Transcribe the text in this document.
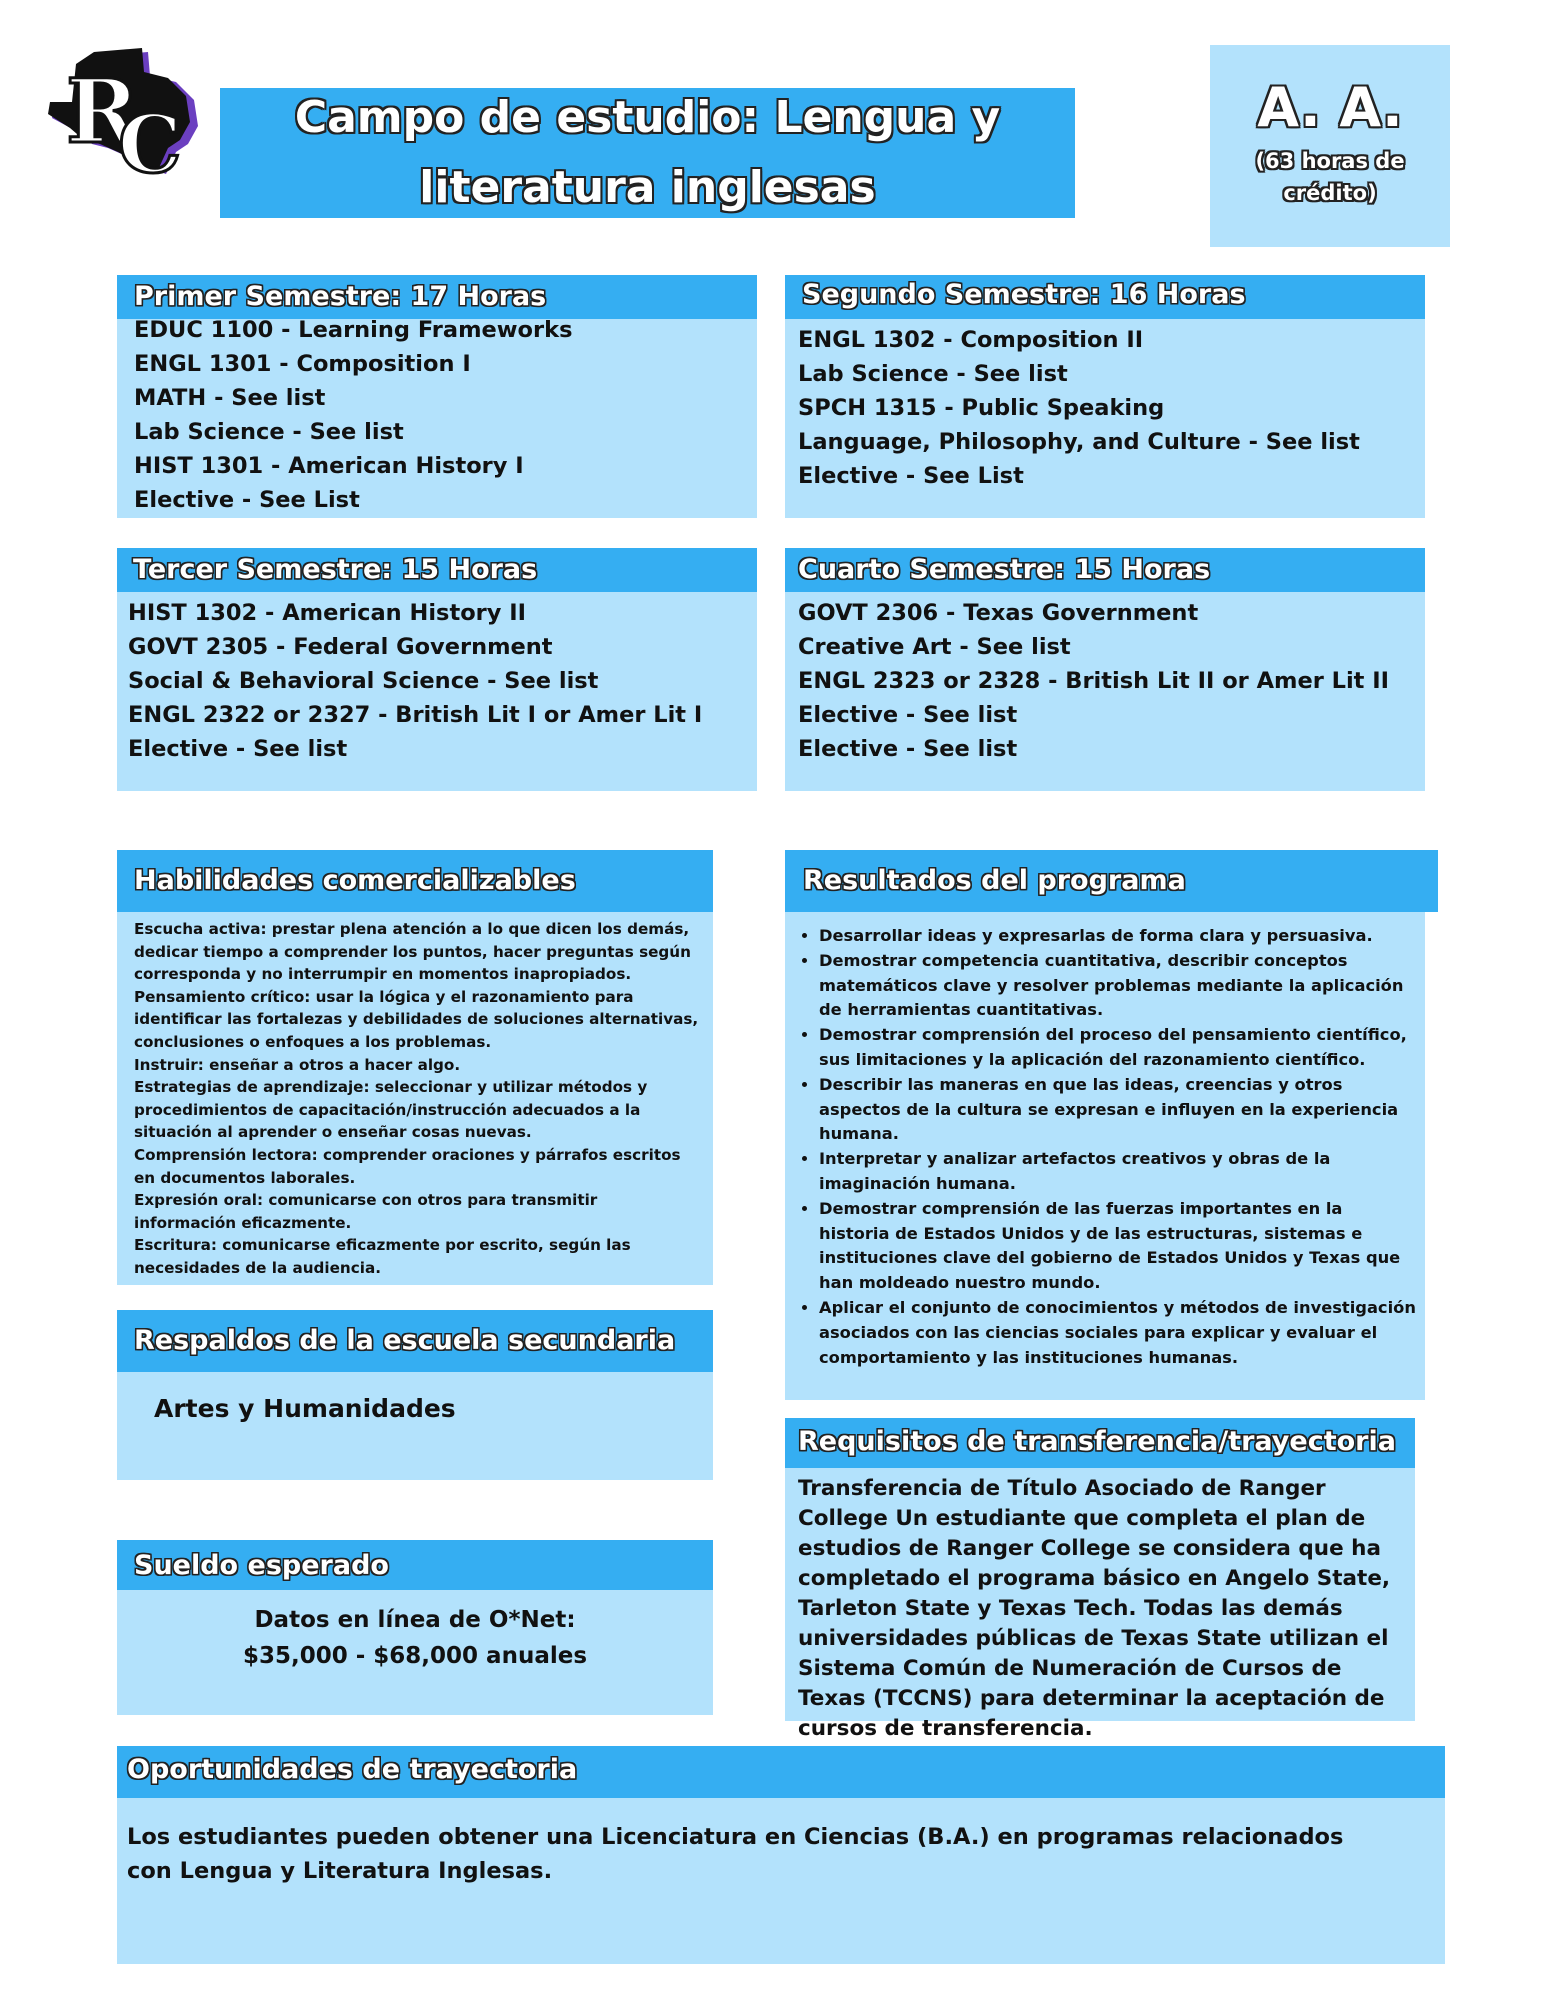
R
C	Campo de estudio: Lengua y literatura inglesas
A. A.
(63 horas de crédito)
Primer Semestre: 17 Horas
EDUC 1100 - Learning Frameworks
ENGL 1301 - Composition I
MATH - See list
Lab Science - See list
HIST 1301 - American History I
Elective - See List
Segundo Semestre: 16 Horas
ENGL 1302 - Composition II
Lab Science - See list
SPCH 1315 - Public Speaking
Language, Philosophy, and Culture - See list
Elective - See List
Tercer Semestre: 15 Horas
HIST 1302 - American History II
GOVT 2305 - Federal Government
Social & Behavioral Science - See list
ENGL 2322 or 2327 - British Lit I or Amer Lit I
Elective - See list
Cuarto Semestre: 15 Horas
GOVT 2306 - Texas Government
Creative Art - See list
ENGL 2323 or 2328 - British Lit II or Amer Lit II
Elective - See list
Elective - See list
Habilidades comercializables

Escucha activa: prestar plena atención a lo que dicen los demás, dedicar tiempo a comprender los puntos, hacer preguntas según corresponda y no interrumpir en momentos inapropiados.

Pensamiento crítico: usar la lógica y el razonamiento para identificar las fortalezas y debilidades de soluciones alternativas, conclusiones o enfoques a los problemas.

Instruir: enseñar a otros a hacer algo.

Estrategias de aprendizaje: seleccionar y utilizar métodos y procedimientos de capacitación/instrucción adecuados a la situación al aprender o enseñar cosas nuevas.

Comprensión lectora: comprender oraciones y párrafos escritos en documentos laborales.

Expresión oral: comunicarse con otros para transmitir información eficazmente.

Escritura: comunicarse eficazmente por escrito, según las necesidades de la audiencia.

Resultados del programa
• Desarrollar ideas y expresarlas de forma clara y persuasiva.
• Demostrar competencia cuantitativa, describir conceptos matemáticos clave y resolver problemas mediante la aplicación de herramientas cuantitativas.
• Demostrar comprensión del proceso del pensamiento científico, sus limitaciones y la aplicación del razonamiento científico.
• Describir las maneras en que las ideas, creencias y otros aspectos de la cultura se expresan e influyen en la experiencia humana.
• Interpretar y analizar artefactos creativos y obras de la imaginación humana.
• Demostrar comprensión de las fuerzas importantes en la historia de Estados Unidos y de las estructuras, sistemas e instituciones clave del gobierno de Estados Unidos y Texas que han moldeado nuestro mundo.
• Aplicar el conjunto de conocimientos y métodos de investigación asociados con las ciencias sociales para explicar y evaluar el comportamiento y las instituciones humanas.
Respaldos de la escuela secundaria
Artes y Humanidades
Requisitos de transferencia/trayectoria
Transferencia de Título Asociado de Ranger College Un estudiante que completa el plan de estudios de Ranger College se considera que ha completado el programa básico en Angelo State, Tarleton State y Texas Tech. Todas las demás universidades públicas de Texas State utilizan el Sistema Común de Numeración de Cursos de Texas (TCCNS) para determinar la aceptación de cursos de transferencia.
Sueldo esperado
Datos en línea de O*Net:
$35,000 - $68,000 anuales
Oportunidades de trayectoria
Los estudiantes pueden obtener una Licenciatura en Ciencias (B.A.) en programas relacionados
con Lengua y Literatura Inglesas.
